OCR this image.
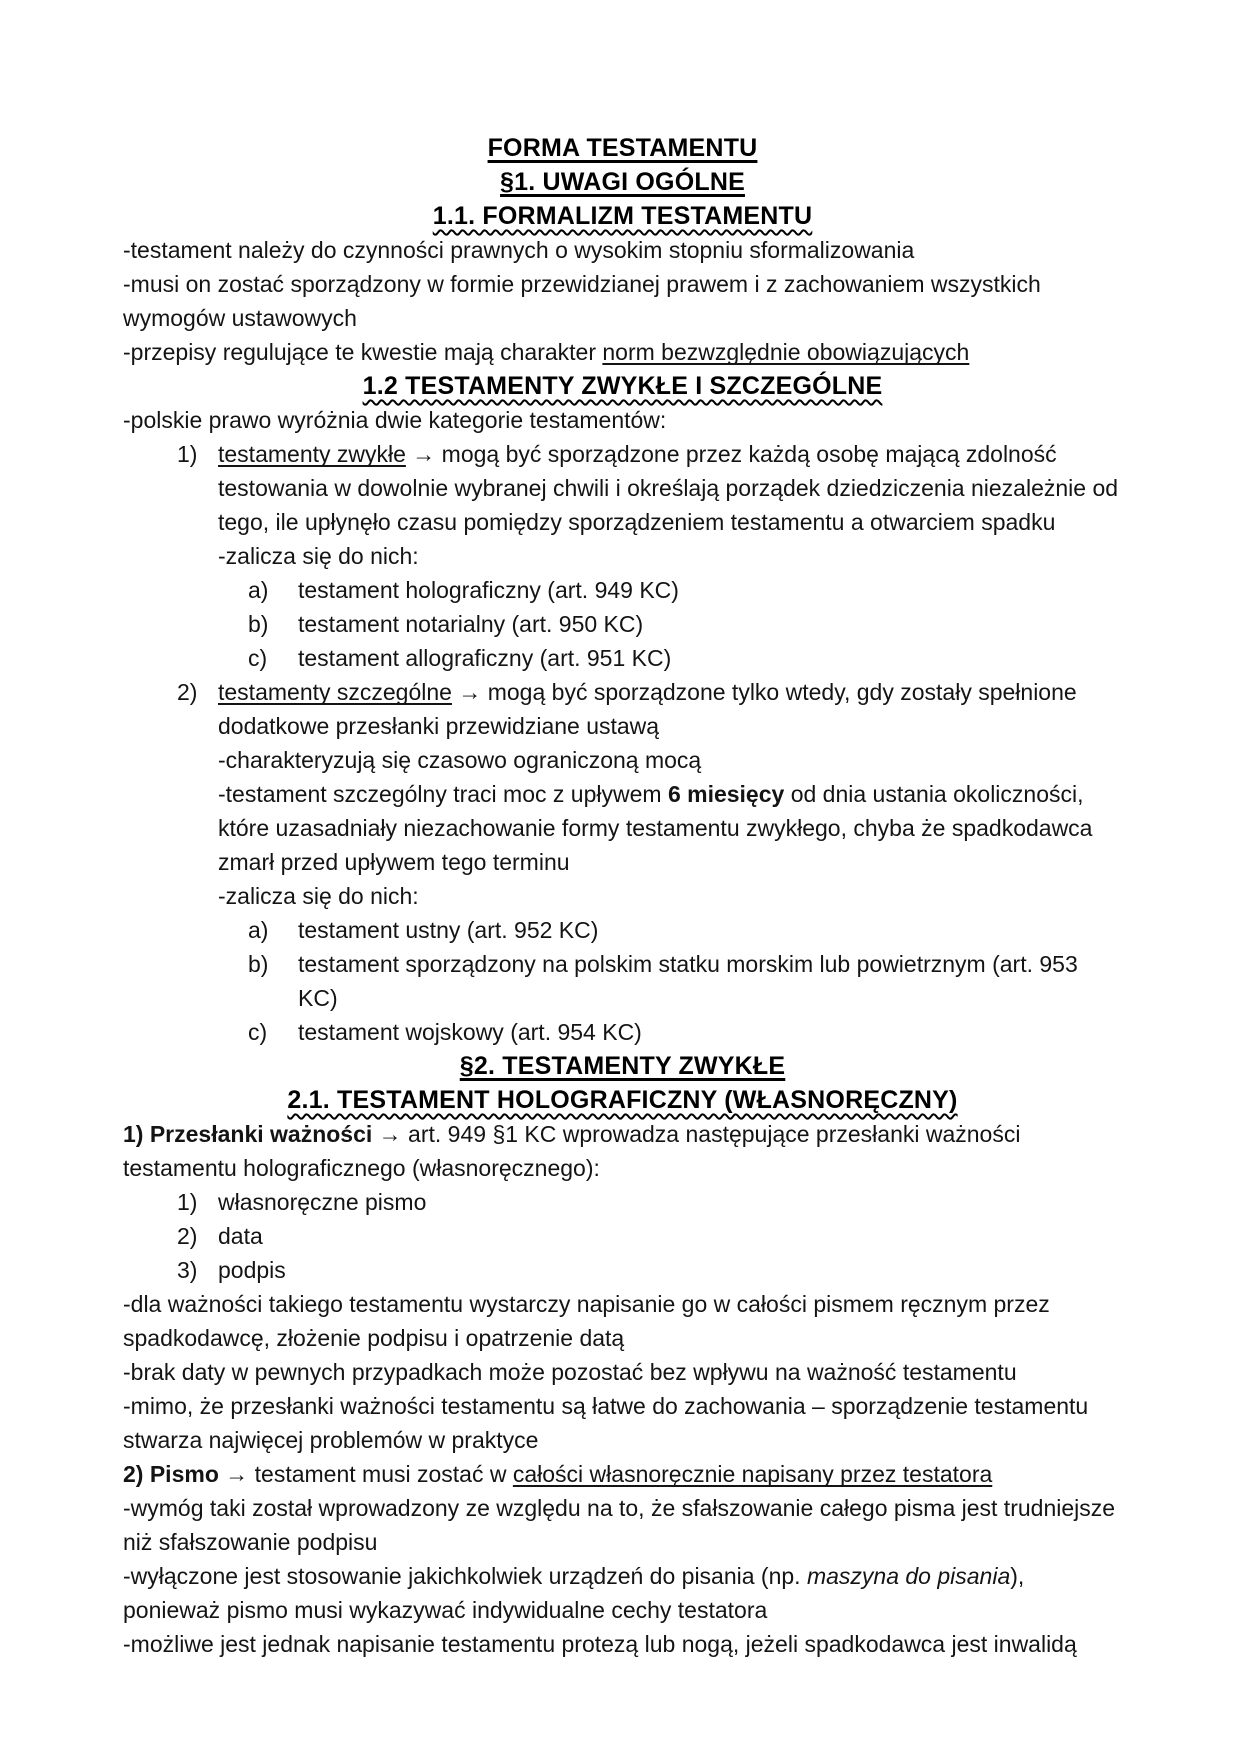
FORMA TESTAMENTU
§1. UWAGI OGÓLNE
1.1. FORMALIZM TESTAMENTU
-testament należy do czynności prawnych o wysokim stopniu sformalizowania
-musi on zostać sporządzony w formie przewidzianej prawem i z zachowaniem wszystkich wymogów ustawowych
-przepisy regulujące te kwestie mają charakter norm bezwzględnie obowiązujących
1.2 TESTAMENTY ZWYKŁE I SZCZEGÓLNE
-polskie prawo wyróżnia dwie kategorie testamentów:
1) testamenty zwykłe → mogą być sporządzone przez każdą osobę mającą zdolność testowania w dowolnie wybranej chwili i określają porządek dziedziczenia niezależnie od tego, ile upłynęło czasu pomiędzy sporządzeniem testamentu a otwarciem spadku
-zalicza się do nich:
a) testament holograficzny (art. 949 KC)
b) testament notarialny (art. 950 KC)
c) testament allograficzny (art. 951 KC)
2) testamenty szczególne → mogą być sporządzone tylko wtedy, gdy zostały spełnione dodatkowe przesłanki przewidziane ustawą
-charakteryzują się czasowo ograniczoną mocą
-testament szczególny traci moc z upływem 6 miesięcy od dnia ustania okoliczności, które uzasadniały niezachowanie formy testamentu zwykłego, chyba że spadkodawca zmarł przed upływem tego terminu
-zalicza się do nich:
a) testament ustny (art. 952 KC)
b) testament sporządzony na polskim statku morskim lub powietrznym (art. 953 KC)
c) testament wojskowy (art. 954 KC)
§2. TESTAMENTY ZWYKŁE
2.1. TESTAMENT HOLOGRAFICZNY (WŁASNORĘCZNY)
1) Przesłanki ważności → art. 949 §1 KC wprowadza następujące przesłanki ważności testamentu holograficznego (własnoręcznego):
1) własnoręczne pismo
2) data
3) podpis
-dla ważności takiego testamentu wystarczy napisanie go w całości pismem ręcznym przez spadkodawcę, złożenie podpisu i opatrzenie datą
-brak daty w pewnych przypadkach może pozostać bez wpływu na ważność testamentu
-mimo, że przesłanki ważności testamentu są łatwe do zachowania – sporządzenie testamentu stwarza najwięcej problemów w praktyce
2) Pismo → testament musi zostać w całości własnoręcznie napisany przez testatora
-wymóg taki został wprowadzony ze względu na to, że sfałszowanie całego pisma jest trudniejsze niż sfałszowanie podpisu
-wyłączone jest stosowanie jakichkolwiek urządzeń do pisania (np. maszyna do pisania), ponieważ pismo musi wykazywać indywidualne cechy testatora
-możliwe jest jednak napisanie testamentu protezą lub nogą, jeżeli spadkodawca jest inwalidą
